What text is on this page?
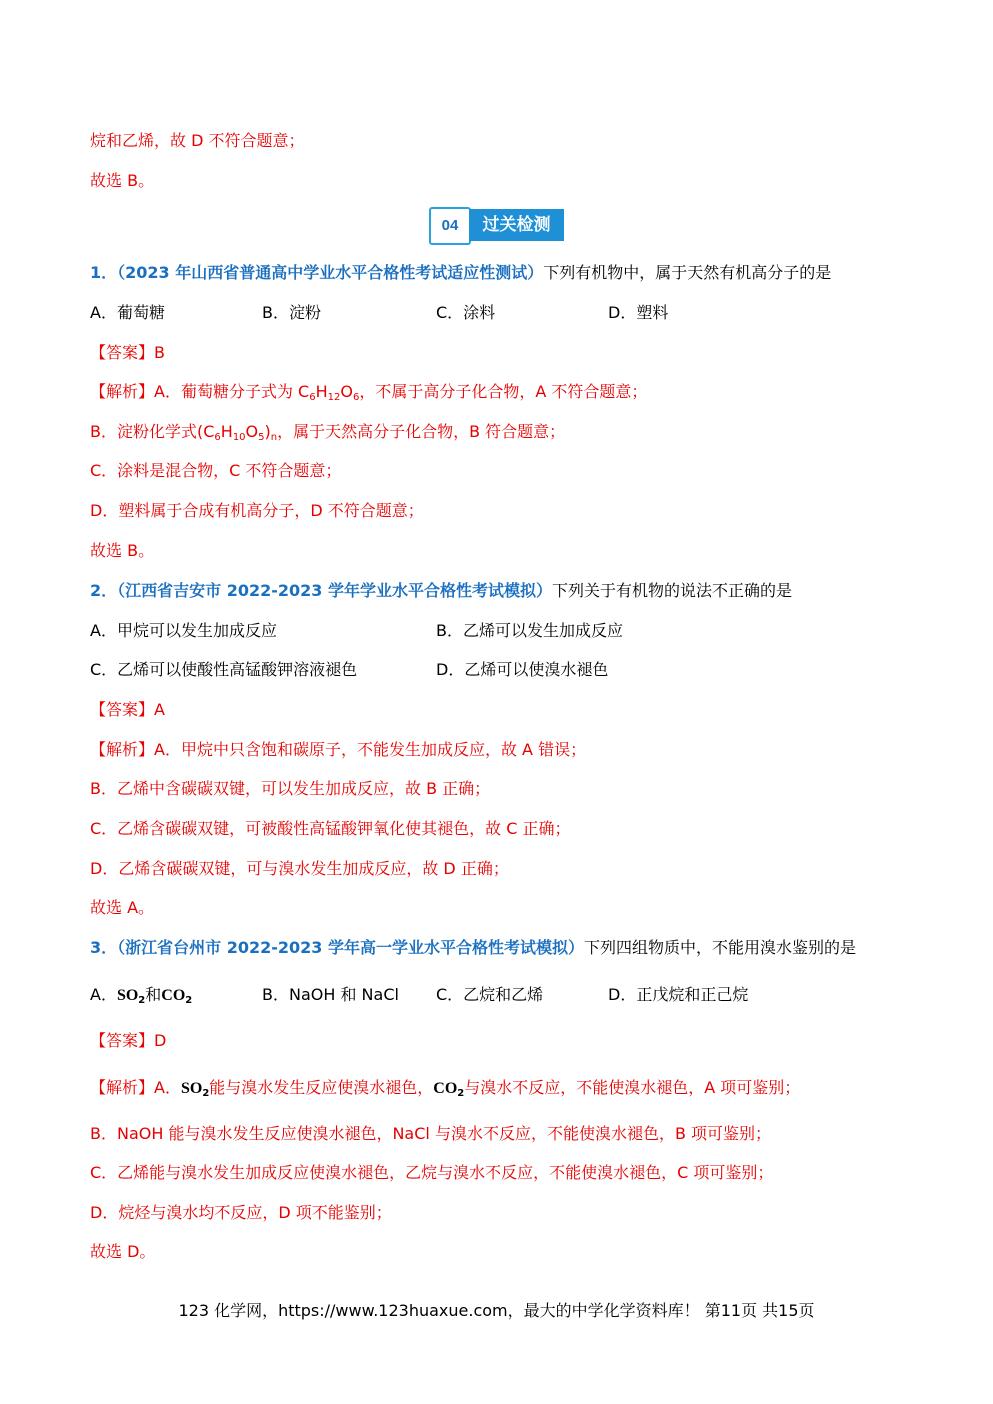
烷和乙烯，故 D 不符合题意；
故选 B。
04	过关检测
1．（2023 年山西省普通高中学业水平合格性考试适应性测试）下列有机物中，属于天然有机高分子的是
A．葡萄糖	B．淀粉	C．涂料	D．塑料
【答案】B
【解析】A．葡萄糖分子式为 $C_6H_{12}O_6$，不属于高分子化合物，A 不符合题意；
B．淀粉化学式$(C_6H_{10}O_5)_n$，属于天然高分子化合物，B 符合题意；
C．涂料是混合物，C 不符合题意；
D．塑料属于合成有机高分子，D 不符合题意；
故选 B。
2．（江西省吉安市 2022-2023 学年学业水平合格性考试模拟）下列关于有机物的说法不正确的是
A．甲烷可以发生加成反应	B．乙烯可以发生加成反应
C．乙烯可以使酸性高锰酸钾溶液褪色	D．乙烯可以使溴水褪色
【答案】A
【解析】A．甲烷中只含饱和碳原子，不能发生加成反应，故 A 错误；
B．乙烯中含碳碳双键，可以发生加成反应，故 B 正确；
C．乙烯含碳碳双键，可被酸性高锰酸钾氧化使其褪色，故 C 正确；
D．乙烯含碳碳双键，可与溴水发生加成反应，故 D 正确；
故选 A。
3．（浙江省台州市 2022-2023 学年高一学业水平合格性考试模拟）下列四组物质中，不能用溴水鉴别的是
A．$SO_2$和$CO_2$	B．NaOH 和 NaCl C．乙烷和乙烯	D．正戊烷和正己烷
【答案】D
【解析】A．$SO_2$能与溴水发生反应使溴水褪色，$CO_2$与溴水不反应，不能使溴水褪色，A 项可鉴别；
B．NaOH 能与溴水发生反应使溴水褪色，NaCl 与溴水不反应，不能使溴水褪色，B 项可鉴别；
C．乙烯能与溴水发生加成反应使溴水褪色，乙烷与溴水不反应，不能使溴水褪色，C 项可鉴别；
D．烷烃与溴水均不反应，D 项不能鉴别；
故选 D。
123 化学网，https://www.123huaxue.com，最大的中学化学资料库！ 第11页 共15页
